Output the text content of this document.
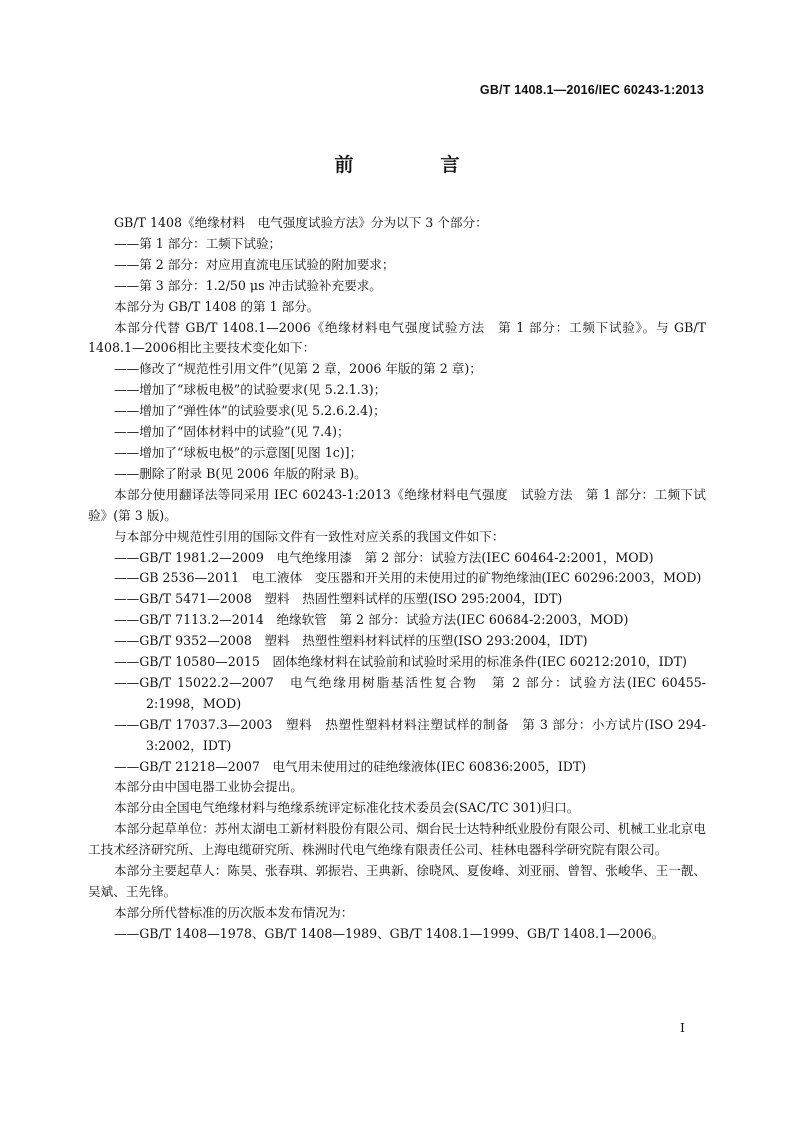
GB/T 1408.1—2016/IEC 60243-1:2013
前　言

GB/T 1408《绝缘材料　电气强度试验方法》分为以下 3 个部分：

——第 1 部分：工频下试验；

——第 2 部分：对应用直流电压试验的附加要求；

——第 3 部分：1.2/50 μs 冲击试验补充要求。

本部分为 GB/T 1408 的第 1 部分。

本部分代替 GB/T 1408.1—2006《绝缘材料电气强度试验方法　第 1 部分：工频下试验》。与 GB/T 1408.1—2006相比主要技术变化如下：

——修改了“规范性引用文件”(见第 2 章，2006 年版的第 2 章)；

——增加了“球板电极”的试验要求(见 5.2.1.3)；

——增加了“弹性体”的试验要求(见 5.2.6.2.4)；

——增加了“固体材料中的试验”(见 7.4)；

——增加了“球板电极”的示意图[见图 1c)]；

——删除了附录 B(见 2006 年版的附录 B)。

本部分使用翻译法等同采用 IEC 60243-1:2013《绝缘材料电气强度　试验方法　第 1 部分：工频下试验》(第 3 版)。

与本部分中规范性引用的国际文件有一致性对应关系的我国文件如下：

——GB/T 1981.2—2009　电气绝缘用漆　第 2 部分：试验方法(IEC 60464-2:2001，MOD)

——GB 2536—2011　电工液体　变压器和开关用的未使用过的矿物绝缘油(IEC 60296:2003，MOD)

——GB/T 5471—2008　塑料　热固性塑料试样的压塑(ISO 295:2004，IDT)

——GB/T 7113.2—2014　绝缘软管　第 2 部分：试验方法(IEC 60684-2:2003，MOD)

——GB/T 9352—2008　塑料　热塑性塑料材料试样的压塑(ISO 293:2004，IDT)

——GB/T 10580—2015　固体绝缘材料在试验前和试验时采用的标准条件(IEC 60212:2010，IDT)

——GB/T 15022.2—2007　电气绝缘用树脂基活性复合物　第 2 部分：试验方法(IEC 60455-2:1998，MOD)

——GB/T 17037.3—2003　塑料　热塑性塑料材料注塑试样的制备　第 3 部分：小方试片(ISO 294-3:2002，IDT)

——GB/T 21218—2007　电气用未使用过的硅绝缘液体(IEC 60836:2005，IDT)

本部分由中国电器工业协会提出。

本部分由全国电气绝缘材料与绝缘系统评定标准化技术委员会(SAC/TC 301)归口。

本部分起草单位：苏州太湖电工新材料股份有限公司、烟台民士达特种纸业股份有限公司、机械工业北京电工技术经济研究所、上海电缆研究所、株洲时代电气绝缘有限责任公司、桂林电器科学研究院有限公司。

本部分主要起草人：陈昊、张春琪、郭振岩、王典新、徐晓风、夏俊峰、刘亚丽、曾智、张峻华、王一靓、吴斌、王先锋。

本部分所代替标准的历次版本发布情况为：

——GB/T 1408—1978、GB/T 1408—1989、GB/T 1408.1—1999、GB/T 1408.1—2006。

I
